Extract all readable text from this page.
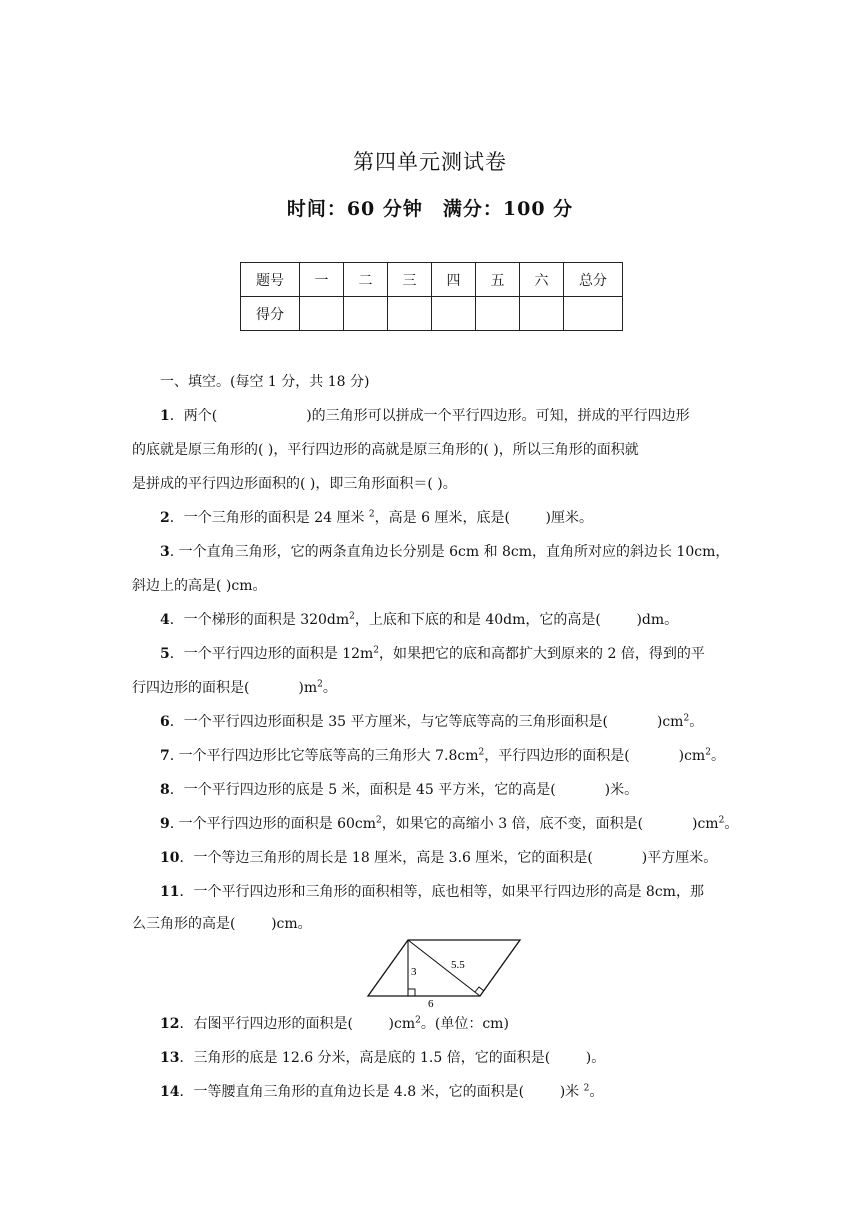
第四单元测试卷
时间：60 分钟　满分：100 分
题号	一	二	三	四	五	六	总分
得分							
一、填空。(每空 1 分，共 18 分)
1．两个(                    )的三角形可以拼成一个平行四边形。可知，拼成的平行四边形
的底就是原三角形的( )，平行四边形的高就是原三角形的( )，所以三角形的面积就
是拼成的平行四边形面积的( )，即三角形面积＝( )。
2．一个三角形的面积是 24 厘米 $^2$，高是 6 厘米，底是(        )厘米。
3. 一个直角三角形，它的两条直角边长分别是 6cm 和 8cm，直角所对应的斜边长 10cm，
斜边上的高是( )cm。
4．一个梯形的面积是 $320dm^2$，上底和下底的和是 40dm，它的高是(        )dm。
5．一个平行四边形的面积是 $12m^2$，如果把它的底和高都扩大到原来的 2 倍，得到的平
行四边形的面积是(           )$m^2$。
6．一个平行四边形面积是 35 平方厘米，与它等底等高的三角形面积是(           )$cm^2$。
7. 一个平行四边形比它等底等高的三角形大 $7.8cm^2$，平行四边形的面积是(           )$cm^2$。
8．一个平行四边形的底是 5 米，面积是 45 平方米，它的高是(           )米。
9. 一个平行四边形的面积是 $60cm^2$，如果它的高缩小 3 倍，底不变，面积是(           )$cm^2$。
10．一个等边三角形的周长是 18 厘米，高是 3.6 厘米，它的面积是(           )平方厘米。
11．一个平行四边形和三角形的面积相等，底也相等，如果平行四边形的高是 8cm，那
么三角形的高是(        )cm。
3
5.5
6
12．右图平行四边形的面积是(        )$cm^2$。(单位：cm)
13．三角形的底是 12.6 分米，高是底的 1.5 倍，它的面积是(        )。
14．一等腰直角三角形的直角边长是 4.8 米，它的面积是(        )米 $^2$。
